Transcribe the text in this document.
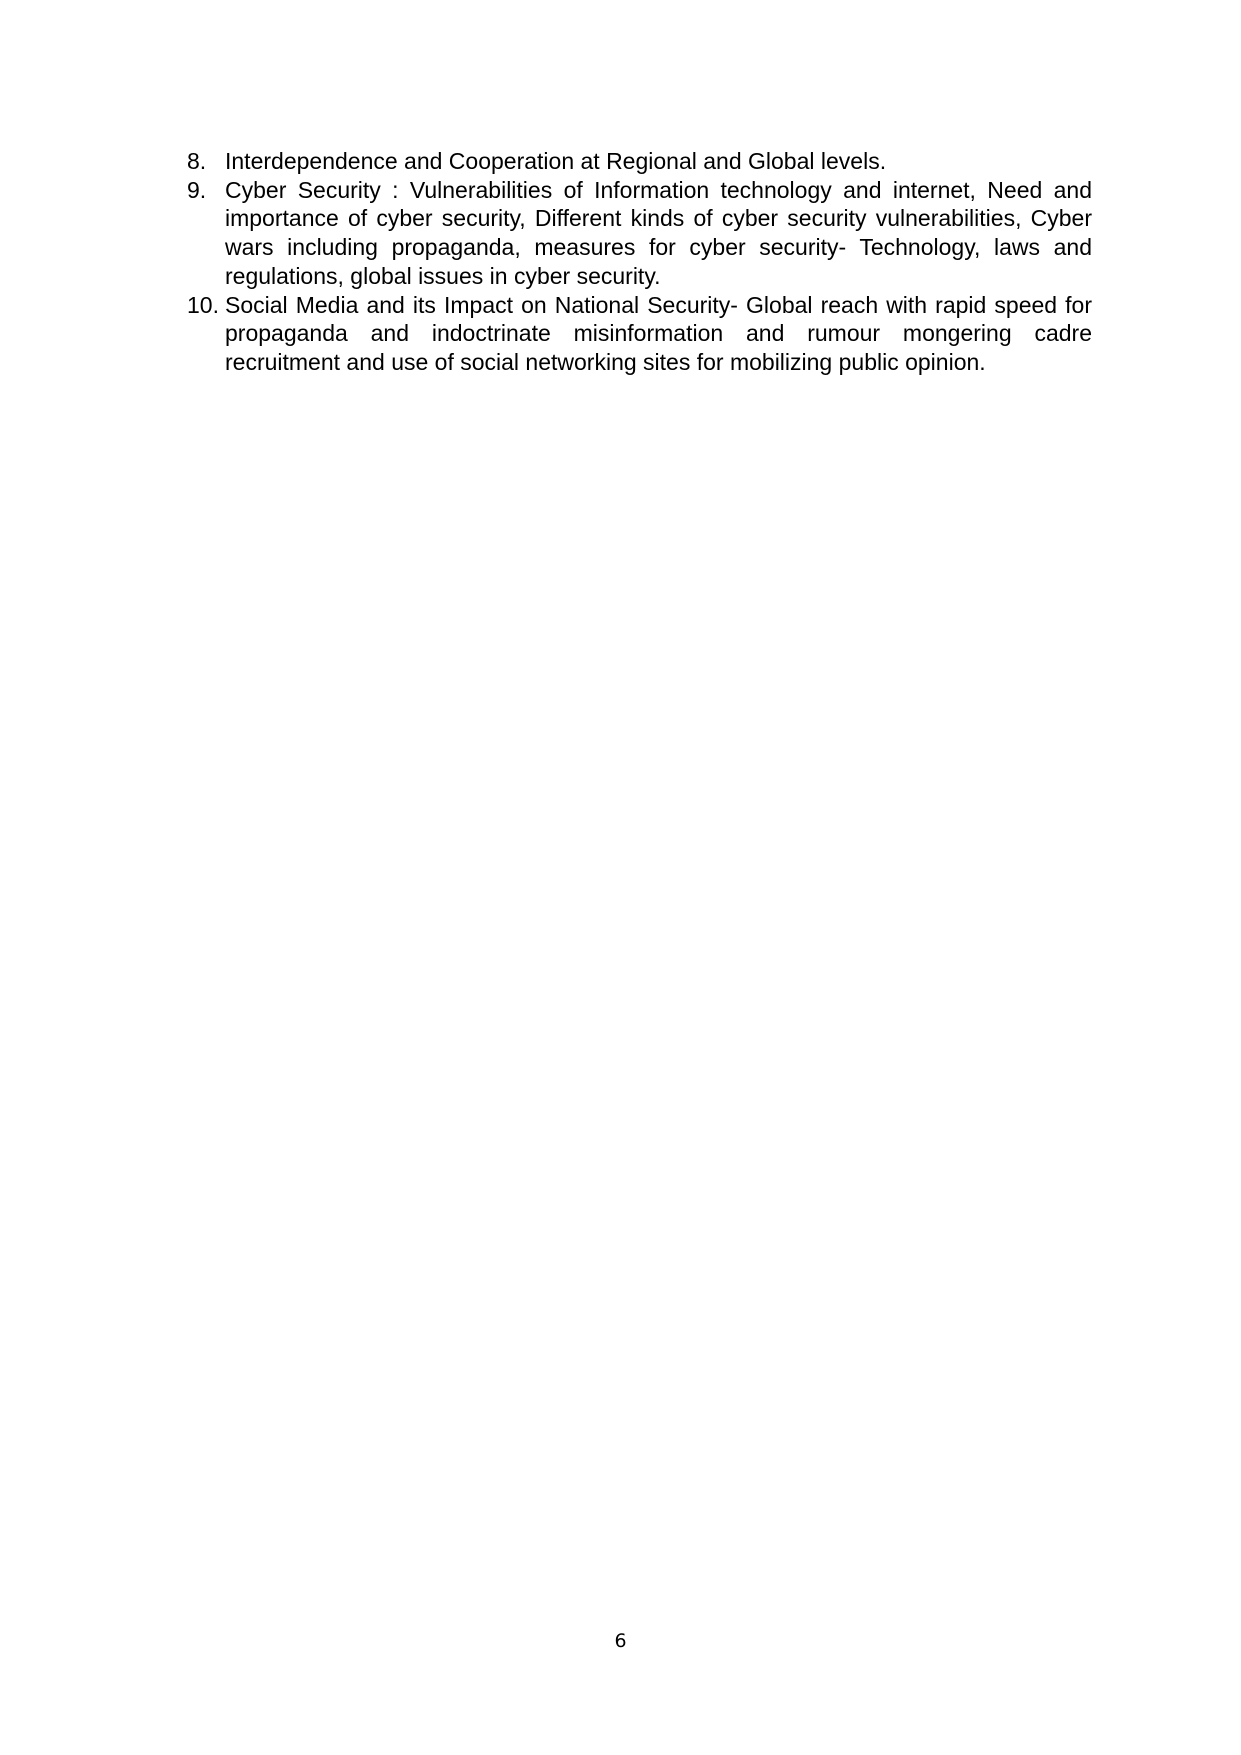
8. Interdependence and Cooperation at Regional and Global levels.
9. Cyber Security : Vulnerabilities of Information technology and internet, Need and importance of cyber security, Different kinds of cyber security vulnerabilities, Cyber wars including propaganda, measures for cyber security- Technology, laws and regulations, global issues in cyber security.
10. Social Media and its Impact on National Security- Global reach with rapid speed for propaganda and indoctrinate misinformation and rumour mongering cadre recruitment and use of social networking sites for mobilizing public opinion.
6
